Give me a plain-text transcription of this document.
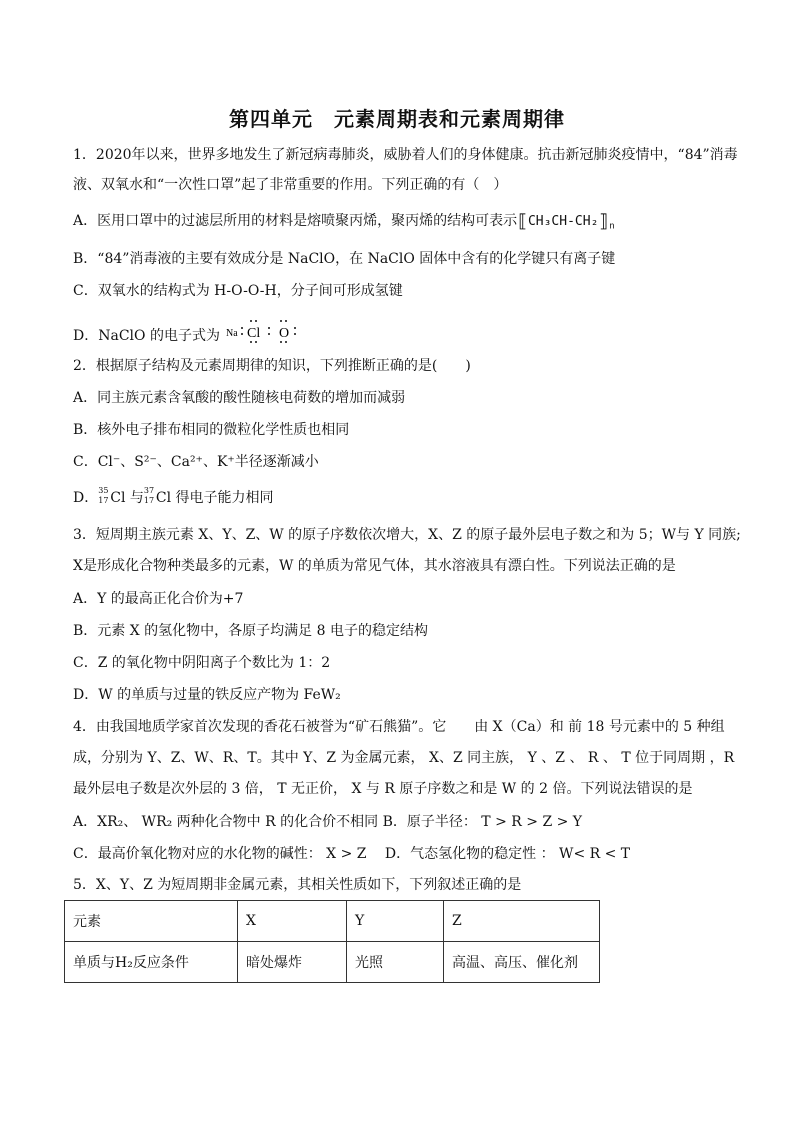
第四单元　元素周期表和元素周期律
1．2020年以来，世界多地发生了新冠病毒肺炎，威胁着人们的身体健康。抗击新冠肺炎疫情中，“84”消毒
液、双氧水和“一次性口罩”起了非常重要的作用。下列正确的有（　）
A．医用口罩中的过滤层所用的材料是熔喷聚丙烯，聚丙烯的结构可表示$⟦CH_3CH-CH_2⟧_n$
B．“84”消毒液的主要有效成分是 NaClO，在 NaClO 固体中含有的化学键只有离子键
C．双氧水的结构式为 H-O-O-H，分子间可形成氢键
D．NaClO 的电子式为 Na Cl O
2．根据原子结构及元素周期律的知识，下列推断正确的是(　　)
A．同主族元素含氧酸的酸性随核电荷数的增加而减弱
B．核外电子排布相同的微粒化学性质也相同
C．Cl⁻、S²⁻、Ca²⁺、K⁺半径逐渐减小
D． 35
17 Cl 与 37
17 Cl 得电子能力相同
3．短周期主族元素 X、Y、Z、W 的原子序数依次增大，X、Z 的原子最外层电子数之和为 5；W与 Y 同族;
X是形成化合物种类最多的元素，W 的单质为常见气体，其水溶液具有漂白性。下列说法正确的是
A．Y 的最高正化合价为+7
B．元素 X 的氢化物中，各原子均满足 8 电子的稳定结构
C．Z 的氧化物中阴阳离子个数比为 1：2
D．W 的单质与过量的铁反应产物为 FeW₂
4．由我国地质学家首次发现的香花石被誉为“矿石熊猫”。它　　由 X（Ca）和 前 18 号元素中的 5 种组
成，分别为 Y、Z、W、R、T。其中 Y、Z 为金属元素， X、Z 同主族， Y 、Z 、 R 、 T 位于同周期 ，R
最外层电子数是次外层的 3 倍， T 无正价， X 与 R 原子序数之和是 W 的 2 倍。下列说法错误的是
A．XR₂、 WR₂ 两种化合物中 R 的化合价不相同 B．原子半径： T > R > Z > Y
C．最高价氧化物对应的水化物的碱性： X > Z　 D．气态氢化物的稳定性 ： W< R < T
5．X、Y、Z 为短周期非金属元素，其相关性质如下，下列叙述正确的是
元素	X	Y	Z
单质与H₂反应条件	暗处爆炸	光照	高温、高压、催化剂
